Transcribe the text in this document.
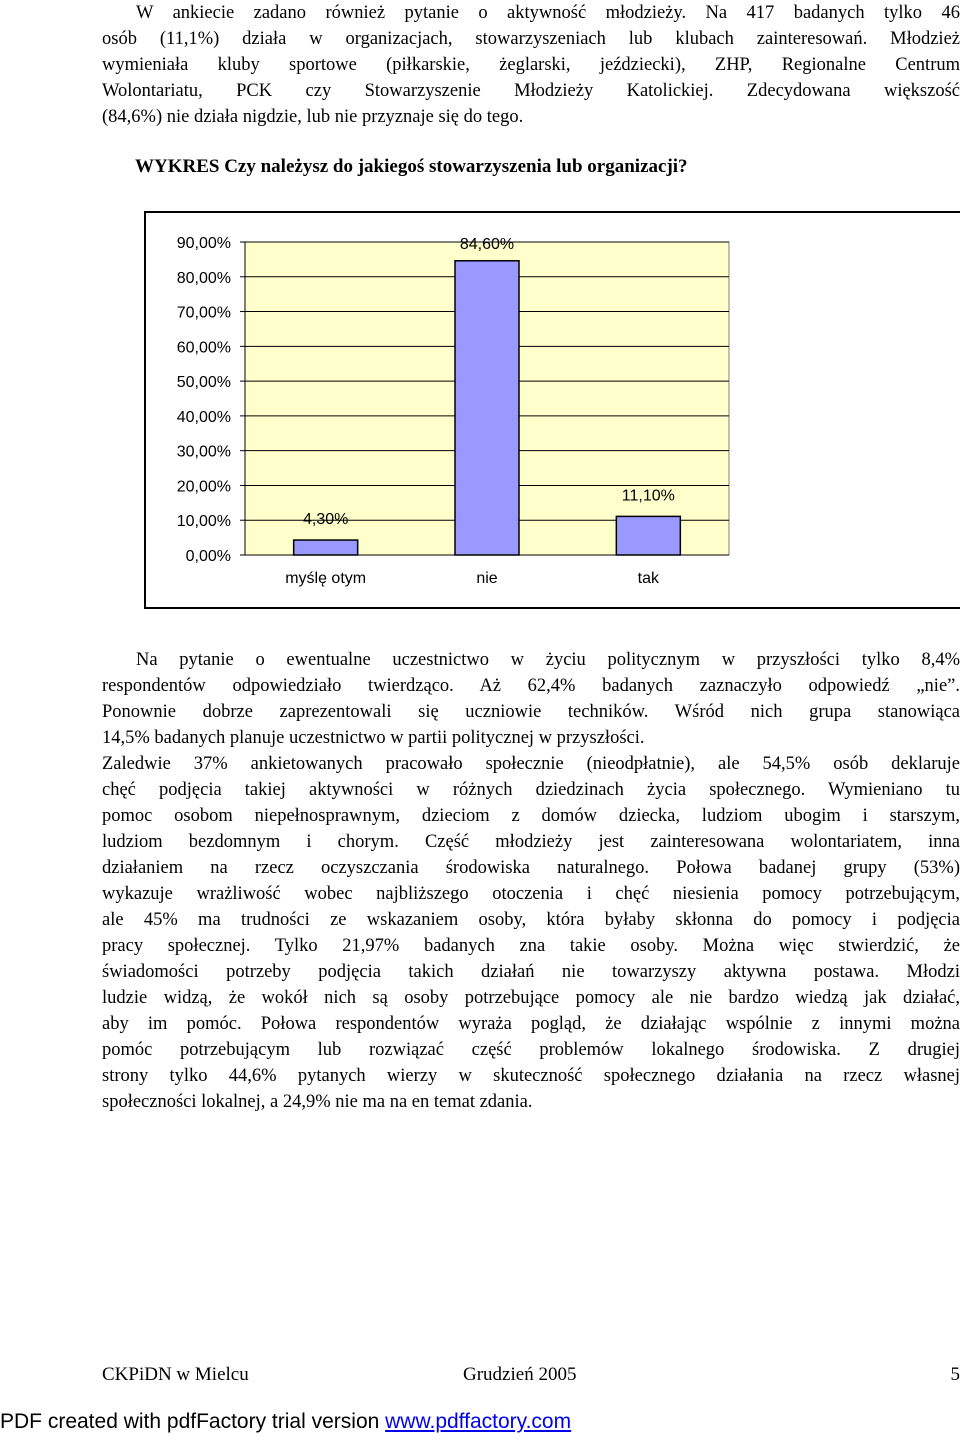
W ankiecie zadano również pytanie o aktywność młodzieży. Na 417 badanych tylko 46
osób (11,1%) działa w organizacjach, stowarzyszeniach lub klubach zainteresowań. Młodzież
wymieniała kluby sportowe (piłkarskie, żeglarski, jeździecki), ZHP, Regionalne Centrum
Wolontariatu, PCK czy Stowarzyszenie Młodzieży Katolickiej. Zdecydowana większość
(84,6%) nie działa nigdzie, lub nie przyznaje się do tego.
WYKRES Czy należysz do jakiegoś stowarzyszenia lub organizacji?
0,00%
10,00%
20,00%
30,00%
40,00%
50,00%
60,00%
70,00%
80,00%
90,00%
4,30%
myślę otym
84,60%
nie
11,10%
tak
Na pytanie o ewentualne uczestnictwo w życiu politycznym w przyszłości tylko 8,4%
respondentów odpowiedziało twierdząco. Aż 62,4% badanych zaznaczyło odpowiedź „nie”.
Ponownie dobrze zaprezentowali się uczniowie techników. Wśród nich grupa stanowiąca
14,5% badanych planuje uczestnictwo w partii politycznej w przyszłości.
Zaledwie 37% ankietowanych pracowało społecznie (nieodpłatnie), ale 54,5% osób deklaruje
chęć podjęcia takiej aktywności w różnych dziedzinach życia społecznego. Wymieniano tu
pomoc osobom niepełnosprawnym, dzieciom z domów dziecka, ludziom ubogim i starszym,
ludziom bezdomnym i chorym. Część młodzieży jest zainteresowana wolontariatem, inna
działaniem na rzecz oczyszczania środowiska naturalnego. Połowa badanej grupy (53%)
wykazuje wrażliwość wobec najbliższego otoczenia i chęć niesienia pomocy potrzebującym,
ale 45% ma trudności ze wskazaniem osoby, która byłaby skłonna do pomocy i podjęcia
pracy społecznej. Tylko 21,97% badanych zna takie osoby. Można więc stwierdzić, że
świadomości potrzeby podjęcia takich działań nie towarzyszy aktywna postawa. Młodzi
ludzie widzą, że wokół nich są osoby potrzebujące pomocy ale nie bardzo wiedzą jak działać,
aby im pomóc. Połowa respondentów wyraża pogląd, że działając wspólnie z innymi można
pomóc potrzebującym lub rozwiązać część problemów lokalnego środowiska. Z drugiej
strony tylko 44,6% pytanych wierzy w skuteczność społecznego działania na rzecz własnej
społeczności lokalnej, a 24,9% nie ma na en temat zdania.
CKPiDN w Mielcu	Grudzień 2005	5
PDF created with pdfFactory trial version www.pdffactory.com
